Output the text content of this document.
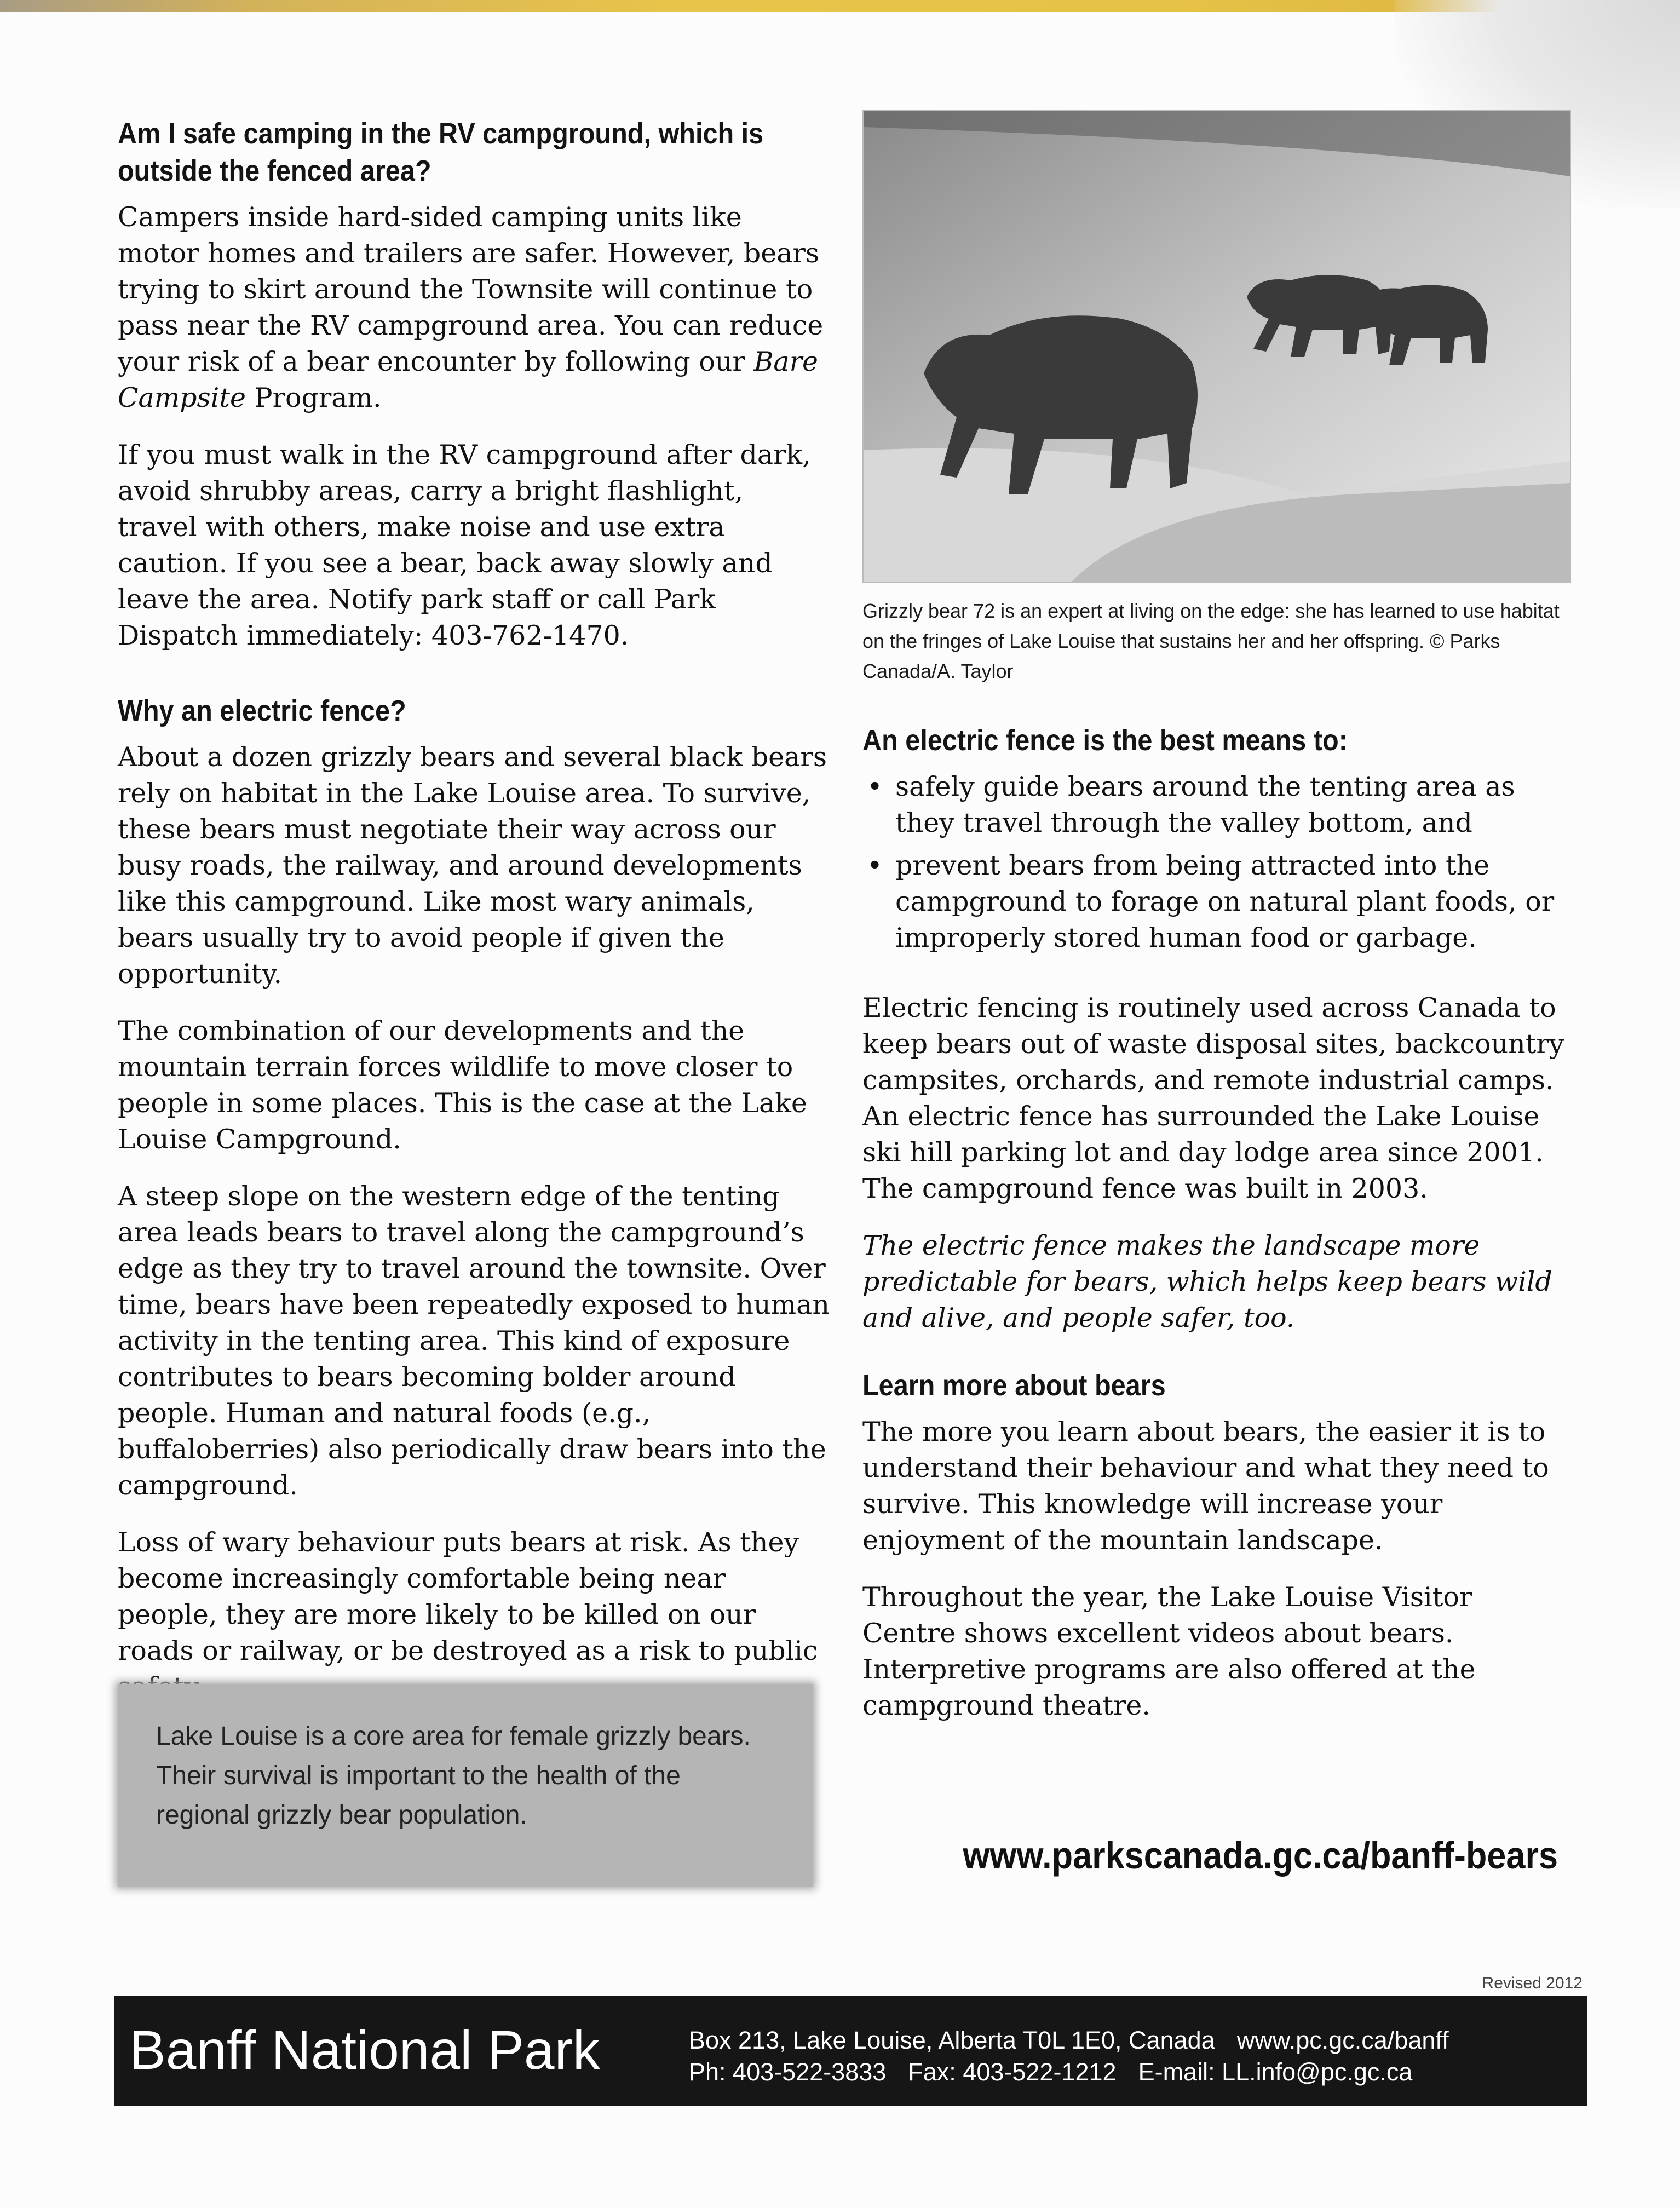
Am I safe camping in the RV campground, which is outside the fenced area?

Campers inside hard-sided camping units like motor homes and trailers are safer. However, bears trying to skirt around the Townsite will continue to pass near the RV campground area. You can reduce your risk of a bear encounter by following our Bare Campsite Program.

If you must walk in the RV campground after dark, avoid shrubby areas, carry a bright flashlight, travel with others, make noise and use extra caution. If you see a bear, back away slowly and leave the area. Notify park staff or call Park Dispatch immediately: 403-762-1470.

Why an electric fence?

About a dozen grizzly bears and several black bears rely on habitat in the Lake Louise area. To survive, these bears must negotiate their way across our busy roads, the railway, and around developments like this campground. Like most wary animals, bears usually try to avoid people if given the opportunity.

The combination of our developments and the mountain terrain forces wildlife to move closer to people in some places. This is the case at the Lake Louise Campground.

A steep slope on the western edge of the tenting area leads bears to travel along the campground’s edge as they try to travel around the townsite. Over time, bears have been repeatedly exposed to human activity in the tenting area. This kind of exposure contributes to bears becoming bolder around people. Human and natural foods (e.g., buffaloberries) also periodically draw bears into the campground.

Loss of wary behaviour puts bears at risk. As they become increasingly comfortable being near people, they are more likely to be killed on our roads or railway, or be destroyed as a risk to public

Lake Louise is a core area for female grizzly bears. Their survival is important to the health of the regional grizzly bear population.

Grizzly bear 72 is an expert at living on the edge: she has learned to use habitat on the fringes of Lake Louise that sustains her and her offspring. © Parks Canada/A. Taylor

An electric fence is the best means to:
• safely guide bears around the tenting area as they travel through the valley bottom, and
• prevent bears from being attracted into the campground to forage on natural plant foods, or improperly stored human food or garbage.

Electric fencing is routinely used across Canada to keep bears out of waste disposal sites, backcountry campsites, orchards, and remote industrial camps. An electric fence has surrounded the Lake Louise ski hill parking lot and day lodge area since 2001. The campground fence was built in 2003.

The electric fence makes the landscape more predictable for bears, which helps keep bears wild and alive, and people safer, too.

Learn more about bears

The more you learn about bears, the easier it is to understand their behaviour and what they need to survive. This knowledge will increase your enjoyment of the mountain landscape.

Throughout the year, the Lake Louise Visitor Centre shows excellent videos about bears. Interpretive programs are also offered at the campground theatre.

www.parkscanada.gc.ca/banff-bears
Revised 2012
Banff National Park	Box 213, Lake Louise, Alberta T0L 1E0, Canada www.pc.gc.ca/banff
Ph: 403-522-3833 Fax: 403-522-1212 E-mail: LL.info@pc.gc.ca
